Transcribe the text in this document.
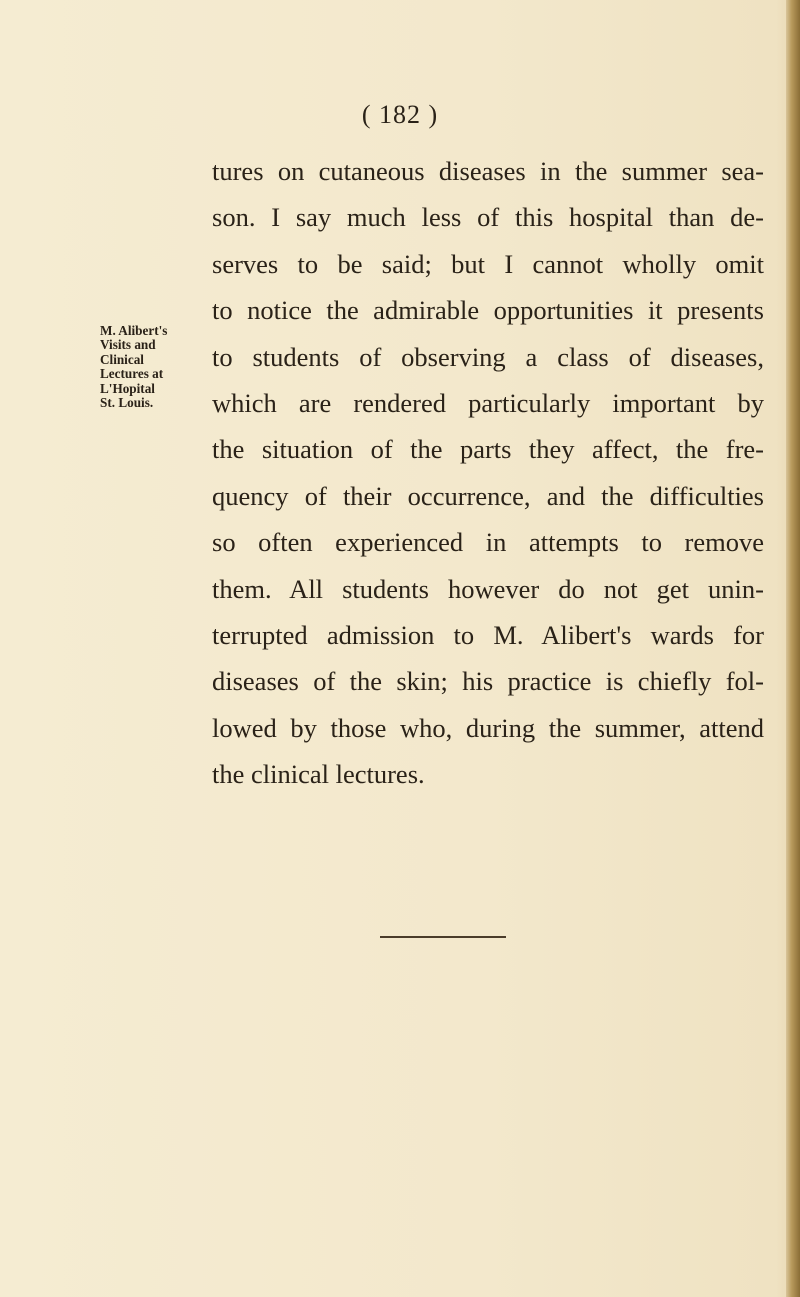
( 182 )
M. Alibert's
Visits and
Clinical
Lectures at
L'Hopital
St. Louis.
tures on cutaneous diseases in the summer sea-
son. I say much less of this hospital than de-
serves to be said; but I cannot wholly omit
to notice the admirable opportunities it presents
to students of observing a class of diseases,
which are rendered particularly important by
the situation of the parts they affect, the fre-
quency of their occurrence, and the difficulties
so often experienced in attempts to remove
them. All students however do not get unin-
terrupted admission to M. Alibert's wards for
diseases of the skin; his practice is chiefly fol-
lowed by those who, during the summer, attend
the clinical lectures.
